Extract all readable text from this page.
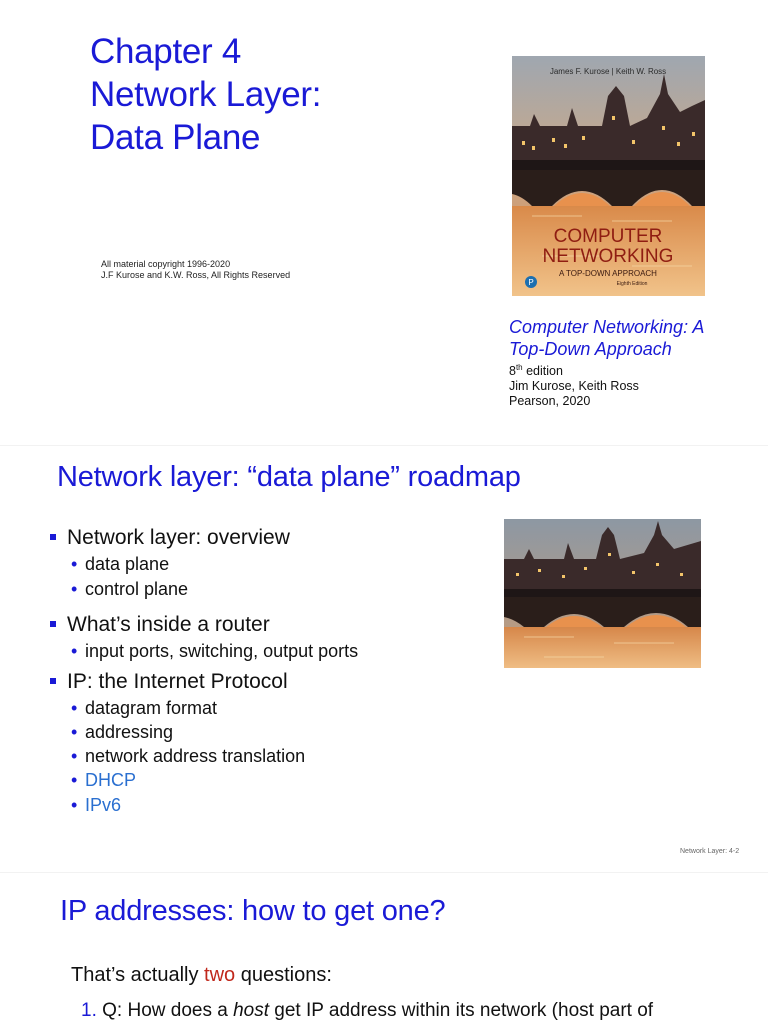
Chapter 4
Network Layer:
Data Plane
All material copyright 1996-2020
J.F Kurose and K.W. Ross, All Rights Reserved
James F. Kurose | Keith W. Ross
COMPUTER
NETWORKING
A TOP-DOWN APPROACH
Eighth Edition
P
Computer Networking: A
Top-Down Approach
8th edition
Jim Kurose, Keith Ross
Pearson, 2020
Network layer: “data plane” roadmap
Network layer: overview
• data plane
• control plane
What’s inside a router
• input ports, switching, output ports
IP: the Internet Protocol
• datagram format
• addressing
• network address translation
• DHCP
• IPv6
Network Layer: 4-2
IP addresses: how to get one?
That’s actually two questions:
1. Q: How does a host get IP address within its network (host part of
